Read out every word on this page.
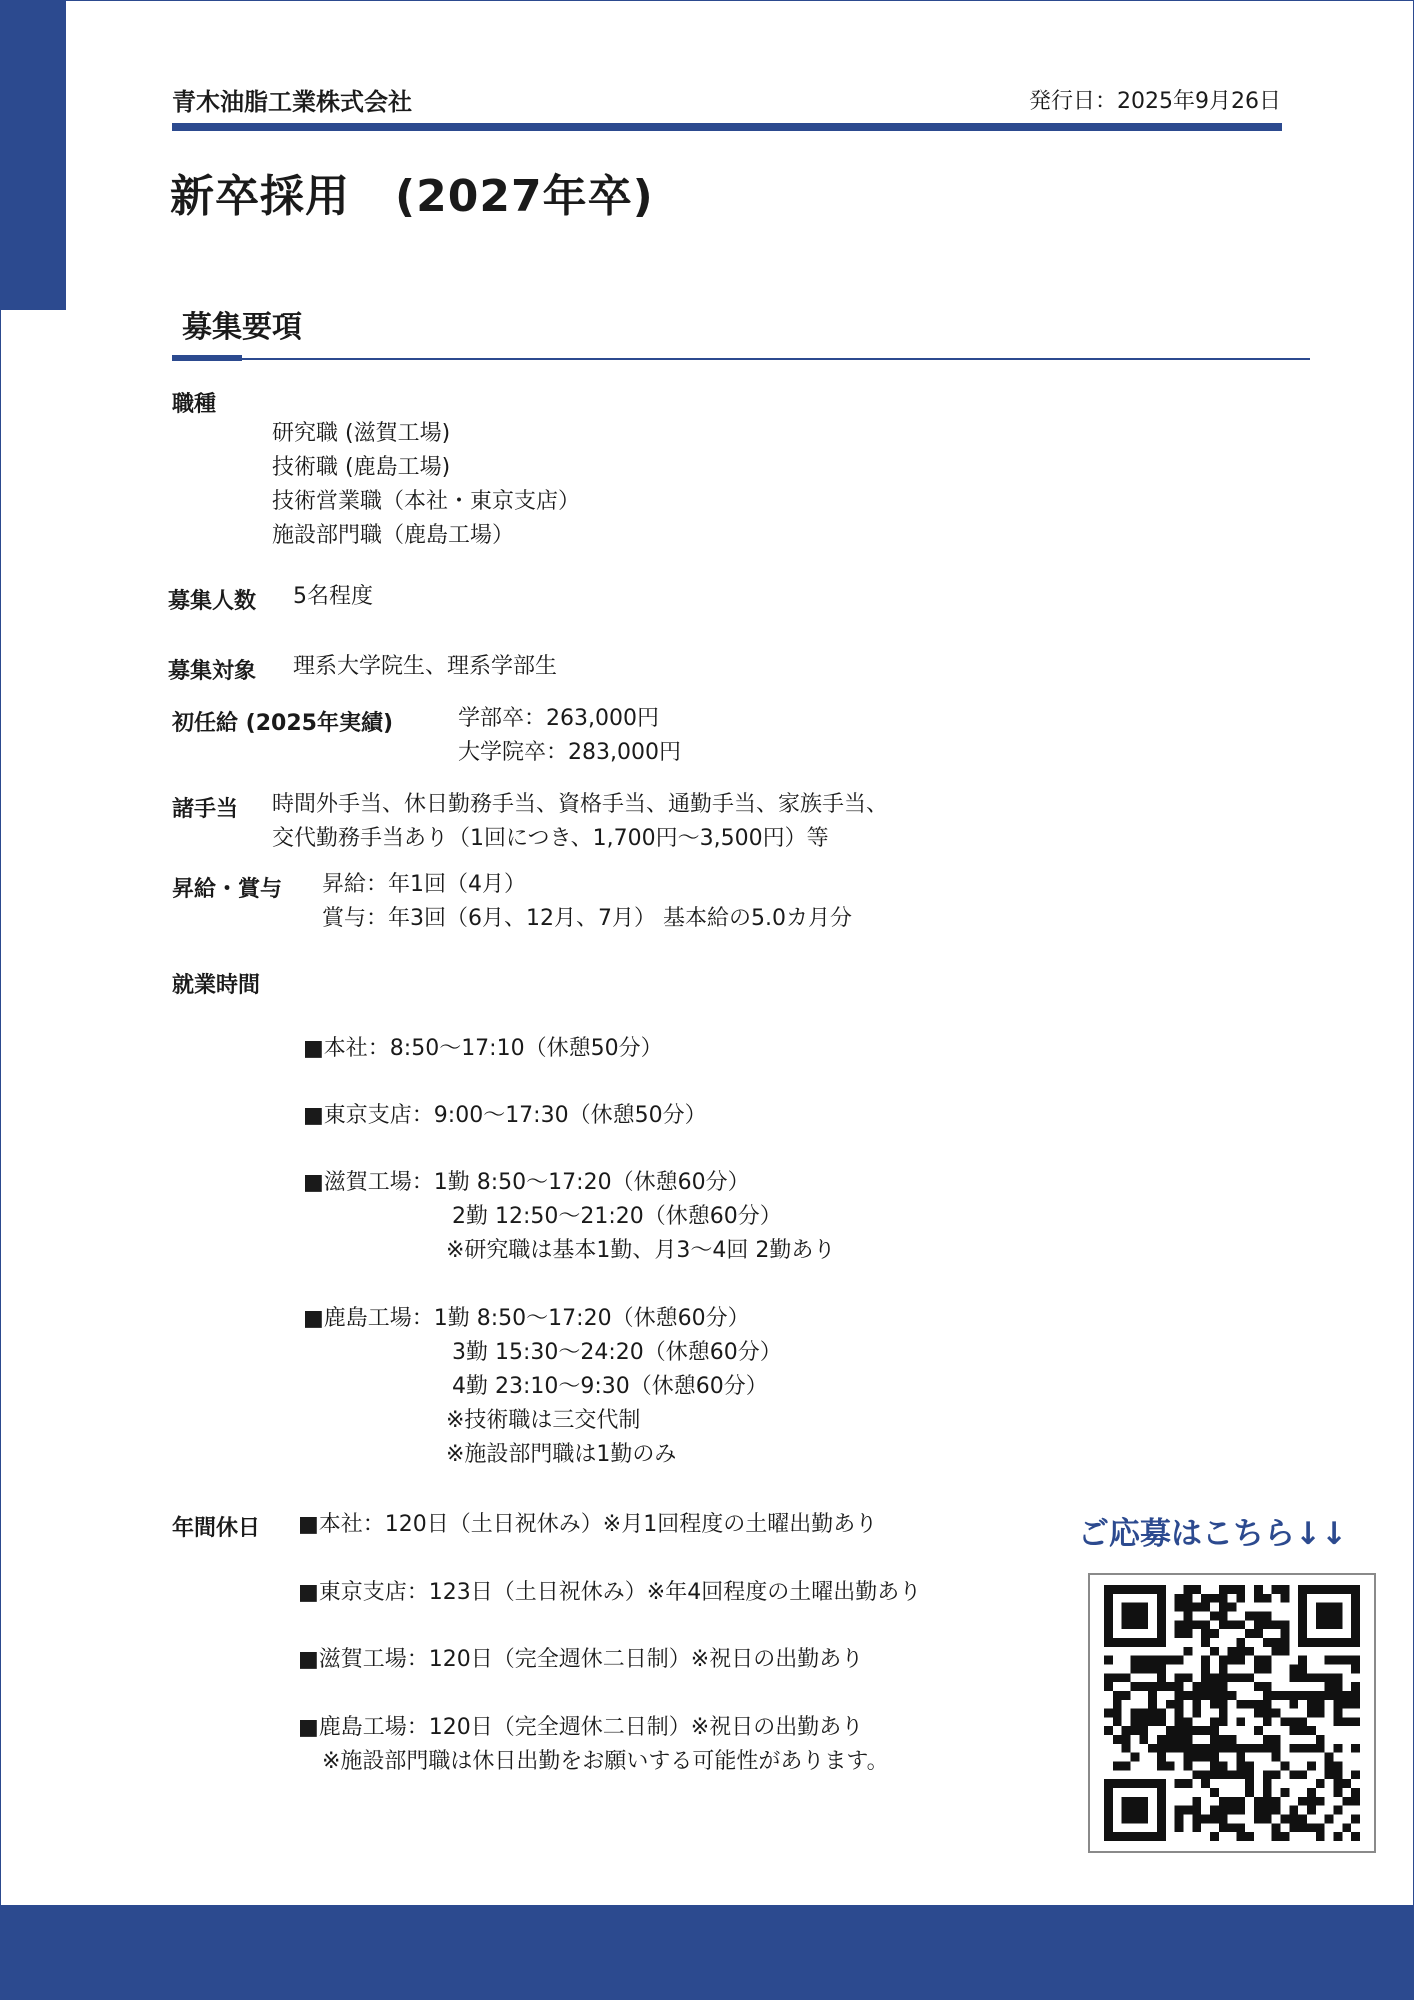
青木油脂工業株式会社	発行日：2025年9月26日
新卒採用　(2027年卒)
募集要項
職種
研究職 (滋賀工場)
技術職 (鹿島工場)
技術営業職（本社・東京支店）
施設部門職（鹿島工場）
募集人数 5名程度
募集対象 理系大学院生、理系学部生
初任給 (2025年実績)	学部卒：263,000円
大学院卒：283,000円
諸手当 時間外手当、休日勤務手当、資格手当、通勤手当、家族手当、
交代勤務手当あり（1回につき、1,700円～3,500円）等
昇給・賞与 昇給：年1回（4月）
賞与：年3回（6月、12月、7月） 基本給の5.0カ月分
就業時間
■本社：8:50～17:10（休憩50分）
■東京支店：9:00～17:30（休憩50分）
■滋賀工場：1勤 8:50～17:20（休憩60分）
2勤 12:50～21:20（休憩60分）
※研究職は基本1勤、月3～4回 2勤あり
■鹿島工場：1勤 8:50～17:20（休憩60分）
3勤 15:30～24:20（休憩60分）
4勤 23:10～9:30（休憩60分）
※技術職は三交代制
※施設部門職は1勤のみ
年間休日 ■本社：120日（土日祝休み）※月1回程度の土曜出勤あり
■東京支店：123日（土日祝休み）※年4回程度の土曜出勤あり
■滋賀工場：120日（完全週休二日制）※祝日の出勤あり
■鹿島工場：120日（完全週休二日制）※祝日の出勤あり
※施設部門職は休日出勤をお願いする可能性があります。
ご応募はこちら↓↓
